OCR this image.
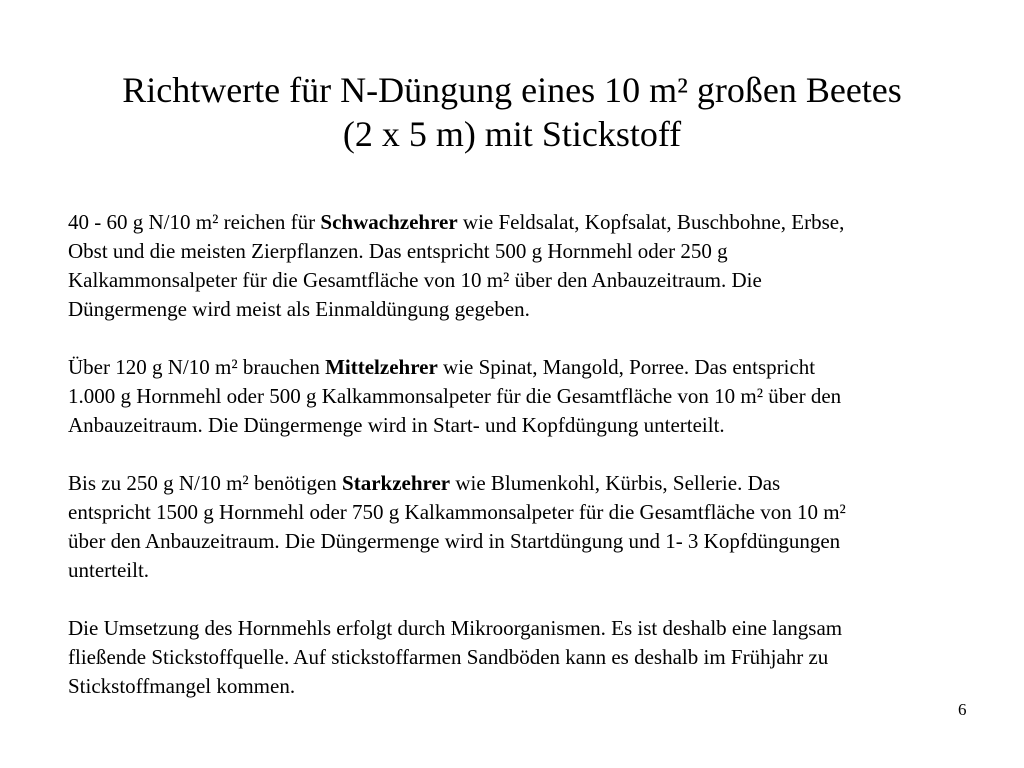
Richtwerte für N-Düngung eines 10 m² großen Beetes
(2 x 5 m) mit Stickstoff

40 - 60 g N/10 m² reichen für Schwachzehrer wie Feldsalat, Kopfsalat, Buschbohne, Erbse,
Obst und die meisten Zierpflanzen. Das entspricht 500 g Hornmehl oder 250 g
Kalkammonsalpeter für die Gesamtfläche von 10 m² über den Anbauzeitraum. Die
Düngermenge wird meist als Einmaldüngung gegeben.

Über 120 g N/10 m² brauchen Mittelzehrer wie Spinat, Mangold, Porree. Das entspricht
1.000 g Hornmehl oder 500 g Kalkammonsalpeter für die Gesamtfläche von 10 m² über den
Anbauzeitraum. Die Düngermenge wird in Start- und Kopfdüngung unterteilt.

Bis zu 250 g N/10 m² benötigen Starkzehrer wie Blumenkohl, Kürbis, Sellerie. Das
entspricht 1500 g Hornmehl oder 750 g Kalkammonsalpeter für die Gesamtfläche von 10 m²
über den Anbauzeitraum. Die Düngermenge wird in Startdüngung und 1- 3 Kopfdüngungen
unterteilt.

Die Umsetzung des Hornmehls erfolgt durch Mikroorganismen. Es ist deshalb eine langsam
fließende Stickstoffquelle. Auf stickstoffarmen Sandböden kann es deshalb im Frühjahr zu
Stickstoffmangel kommen.

6
